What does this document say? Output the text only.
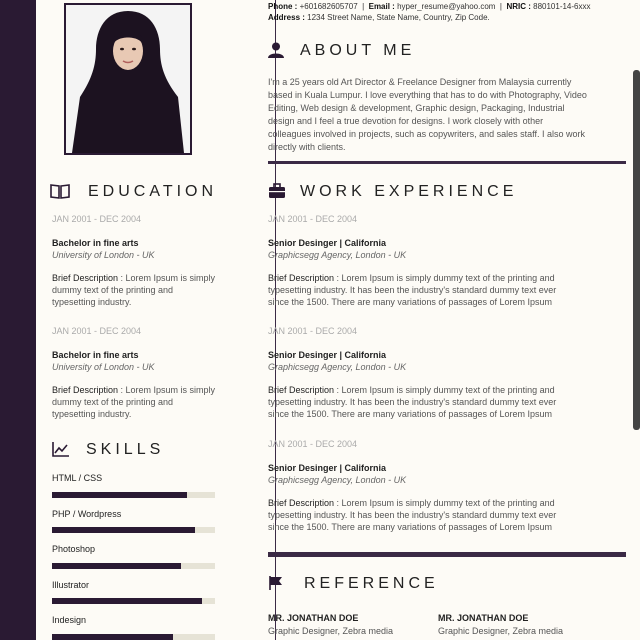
Phone : +601682605707  |  Email : hyper_resume@yahoo.com  |  NRIC : 880101-14-6xxx
Address : 1234 Street Name, State Name, Country, Zip Code.
ABOUT ME
I'm a 25 years old Art Director & Freelance Designer from Malaysia currently based in Kuala Lumpur. I love everything that has to do with Photography, Video Editing, Web design & development, Graphic design, Packaging, Industrial design and I feel a true devotion for designs. I work closely with other colleagues involved in projects, such as copywriters, and sales staff. I also work directly with clients.
EDUCATION
JAN 2001 - DEC 2004
Bachelor in fine arts
University of London - UK
Brief Description : Lorem Ipsum is simply dummy text of the printing and typesetting industry.
JAN 2001 - DEC 2004
Bachelor in fine arts
University of London - UK
Brief Description : Lorem Ipsum is simply dummy text of the printing and typesetting industry.
SKILLS
HTML / CSS
PHP / Wordpress
Photoshop
Illustrator
Indesign
WORK EXPERIENCE
JAN 2001 - DEC 2004
Senior Desinger | California
Graphicsegg Agency, London - UK
Brief Description : Lorem Ipsum is simply dummy text of the printing and typesetting industry. It has been the industry's standard dummy text ever since the 1500. There are many variations of passages of Lorem Ipsum
JAN 2001 - DEC 2004
Senior Desinger | California
Graphicsegg Agency, London - UK
Brief Description : Lorem Ipsum is simply dummy text of the printing and typesetting industry. It has been the industry's standard dummy text ever since the 1500. There are many variations of passages of Lorem Ipsum
JAN 2001 - DEC 2004
Senior Desinger | California
Graphicsegg Agency, London - UK
Brief Description : Lorem Ipsum is simply dummy text of the printing and typesetting industry. It has been the industry's standard dummy text ever since the 1500. There are many variations of passages of Lorem Ipsum
REFERENCE
MR. JONATHAN DOE
Graphic Designer, Zebra media
MR. JONATHAN DOE
Graphic Designer, Zebra media
